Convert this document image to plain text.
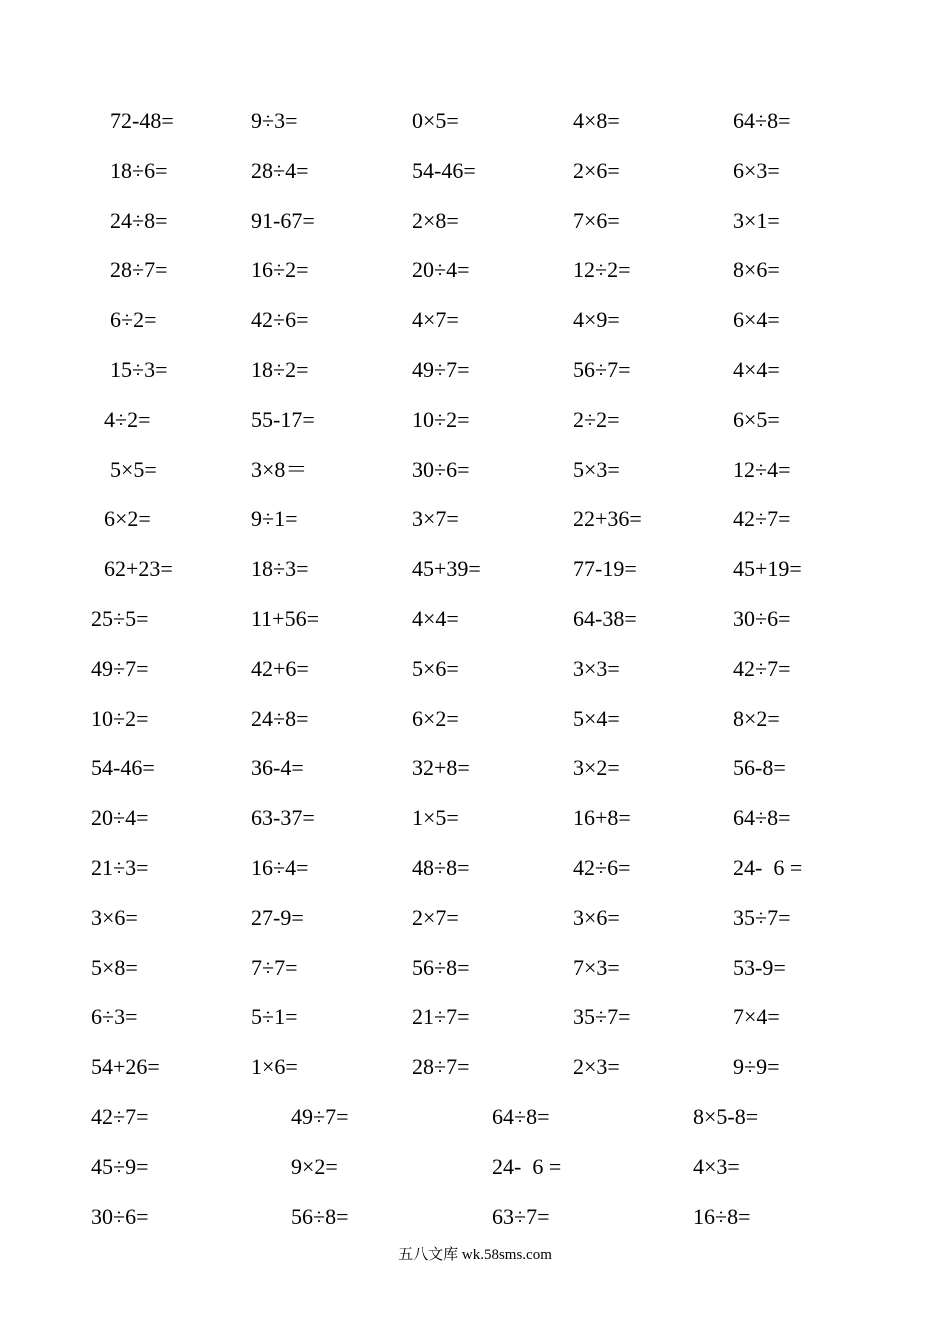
72-48=	9÷3=	0×5=	4×8=	64÷8=
18÷6=	28÷4=	54-46=	2×6=	6×3=
24÷8=	91-67=	2×8=	7×6=	3×1=
28÷7=	16÷2=	20÷4=	12÷2=	8×6=
6÷2=	42÷6=	4×7=	4×9=	6×4=
15÷3=	18÷2=	49÷7=	56÷7=	4×4=
4÷2=	55-17=	10÷2=	2÷2=	6×5=
5×5=	3×8＝	30÷6=	5×3=	12÷4=
6×2=	9÷1=	3×7=	22+36=	42÷7=
62+23=	18÷3=	45+39=	77-19=	45+19=
25÷5=	11+56=	4×4=	64-38=	30÷6=
49÷7=	42+6=	5×6=	3×3=	42÷7=
10÷2=	24÷8=	6×2=	5×4=	8×2=
54-46=	36-4=	32+8=	3×2=	56-8=
20÷4=	63-37=	1×5=	16+8=	64÷8=
21÷3=	16÷4=	48÷8=	42÷6=	24-  6 =
3×6=	27-9=	2×7=	3×6=	35÷7=
5×8=	7÷7=	56÷8=	7×3=	53-9=
6÷3=	5÷1=	21÷7=	35÷7=	7×4=
54+26=	1×6=	28÷7=	2×3=	9÷9=
42÷7=	49÷7=	64÷8=	8×5-8=
45÷9=	9×2=	24-  6 =	4×3=
30÷6=	56÷8=	63÷7=	16÷8=
五八文库 wk.58sms.com
